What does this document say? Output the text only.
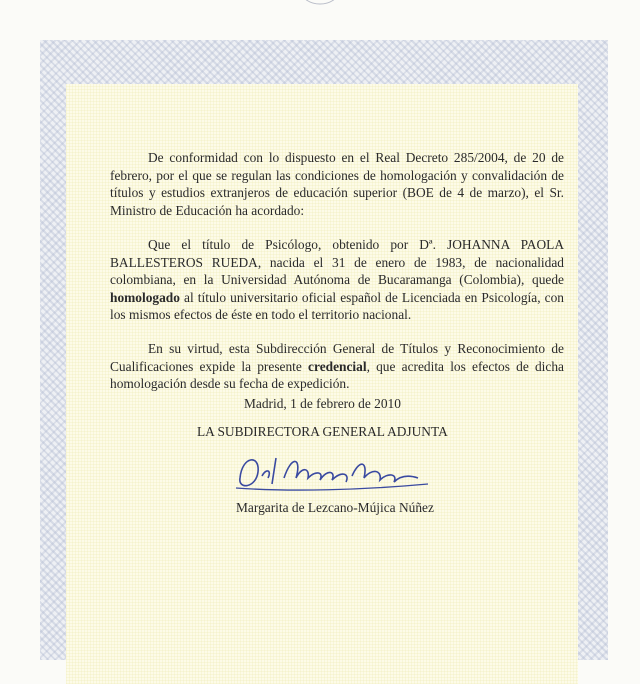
De conformidad con lo dispuesto en el Real Decreto 285/2004, de 20 de
febrero, por el que se regulan las condiciones de homologación y convalidación de
títulos y estudios extranjeros de educación superior (BOE de 4 de marzo), el Sr.
Ministro de Educación ha acordado:
Que el título de Psicólogo, obtenido por Dª. JOHANNA PAOLA
BALLESTEROS RUEDA, nacida el 31 de enero de 1983, de nacionalidad
colombiana, en la Universidad Autónoma de Bucaramanga (Colombia), quede
homologado al título universitario oficial español de Licenciada en Psicología, con
los mismos efectos de éste en todo el territorio nacional.
En su virtud, esta Subdirección General de Títulos y Reconocimiento de
Cualificaciones expide la presente credencial, que acredita los efectos de dicha
homologación desde su fecha de expedición.
Madrid, 1 de febrero de 2010
LA SUBDIRECTORA GENERAL ADJUNTA
Margarita de Lezcano-Mújica Núñez
